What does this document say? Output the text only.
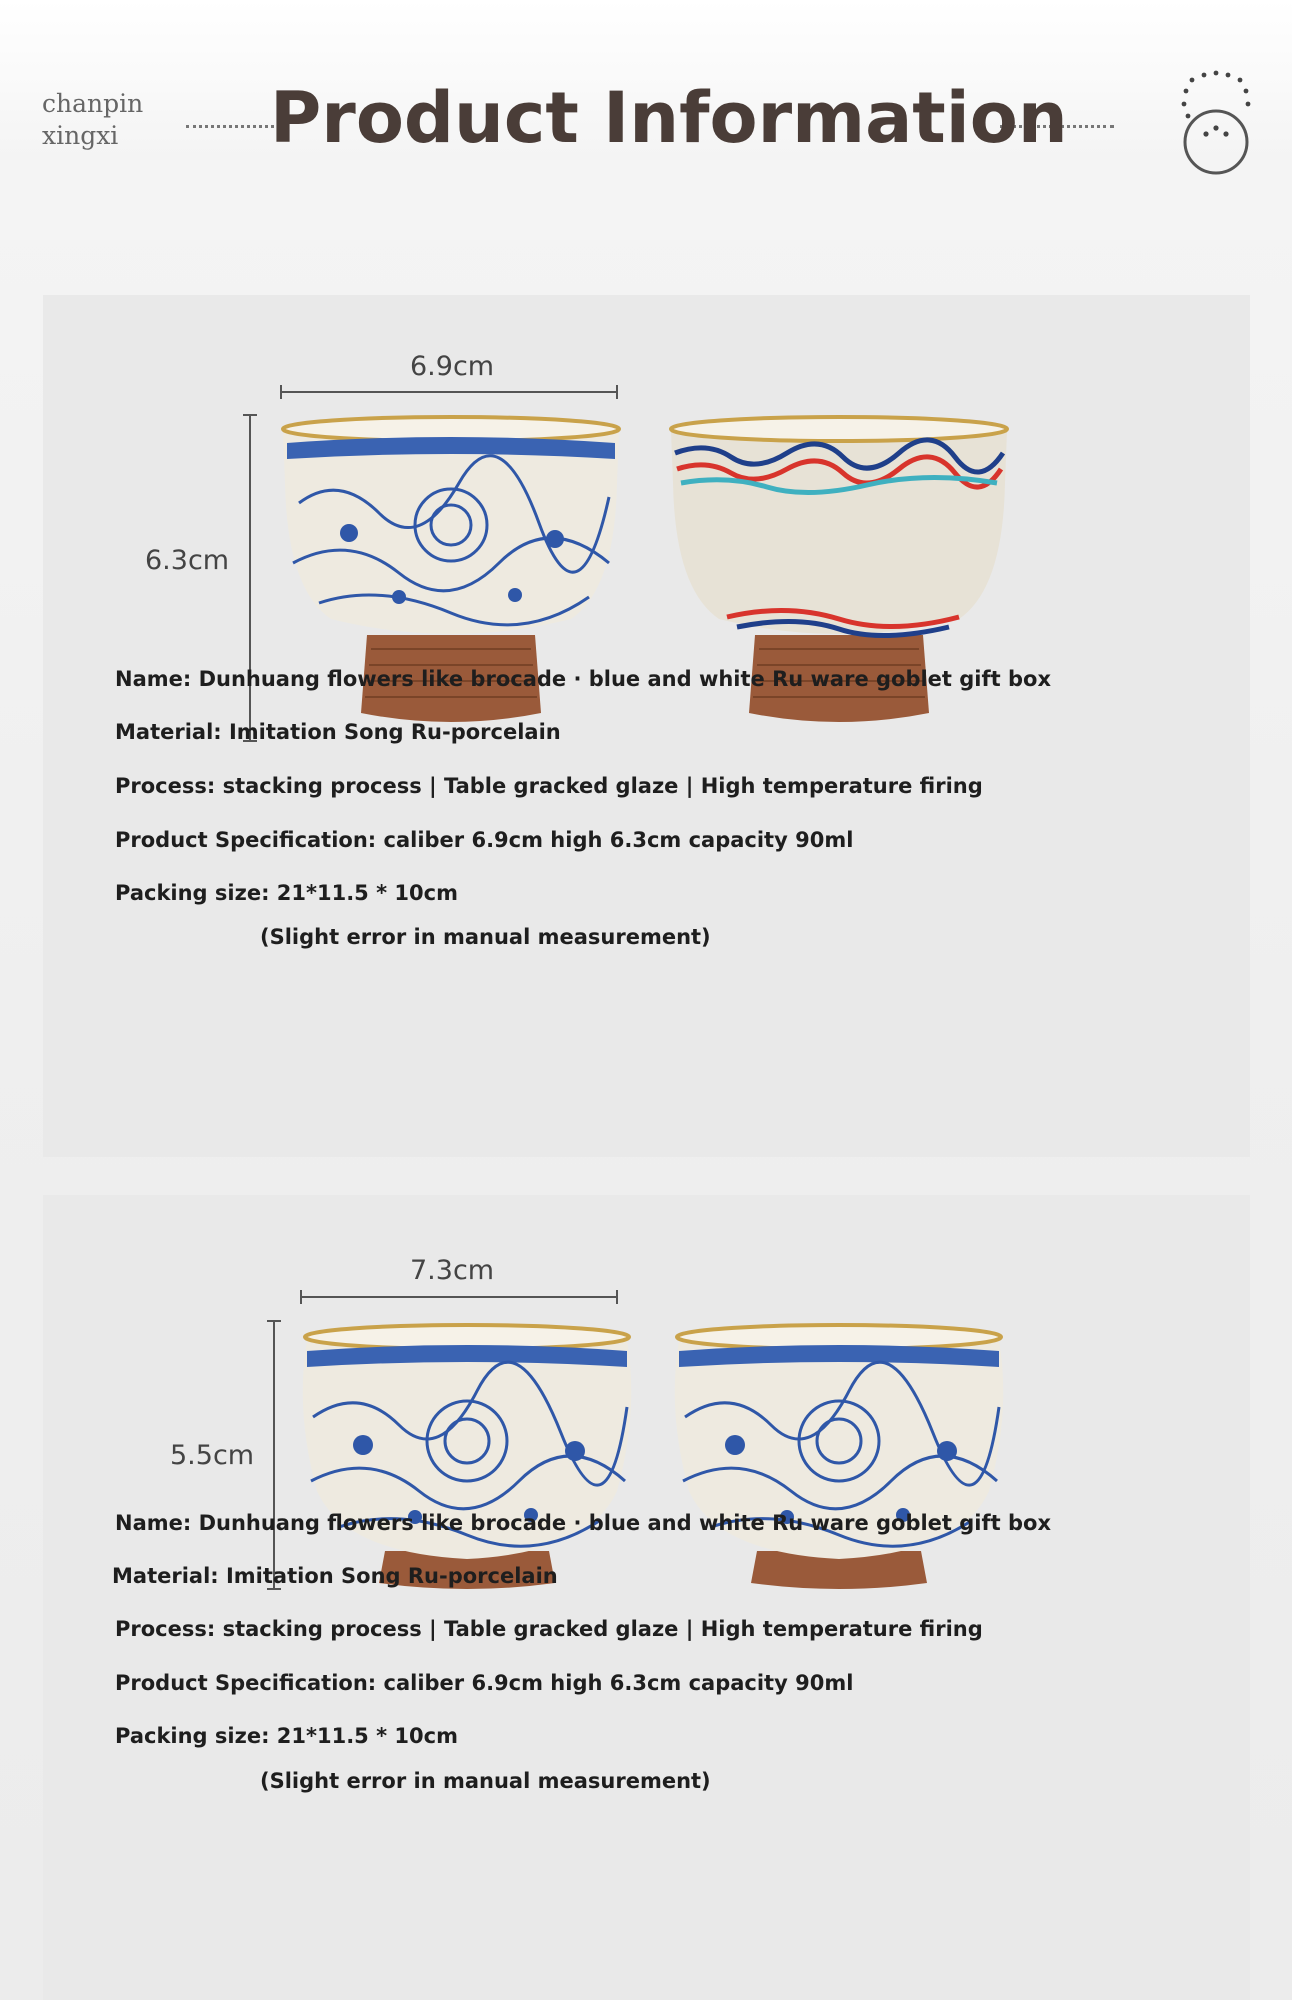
chanpin
xingxi	Product Information
6.9cm
6.3cm
Name: Dunhuang flowers like brocade · blue and white Ru ware goblet gift box
Material: Imitation Song Ru-porcelain
Process: stacking process | Table gracked glaze | High temperature firing
Product Specification: caliber 6.9cm high 6.3cm capacity 90ml
Packing size: 21*11.5 * 10cm
(Slight error in manual measurement)
7.3cm
5.5cm
Name: Dunhuang flowers like brocade · blue and white Ru ware goblet gift box
Material: Imitation Song Ru-porcelain
Process: stacking process | Table gracked glaze | High temperature firing
Product Specification: caliber 6.9cm high 6.3cm capacity 90ml
Packing size: 21*11.5 * 10cm
(Slight error in manual measurement)
